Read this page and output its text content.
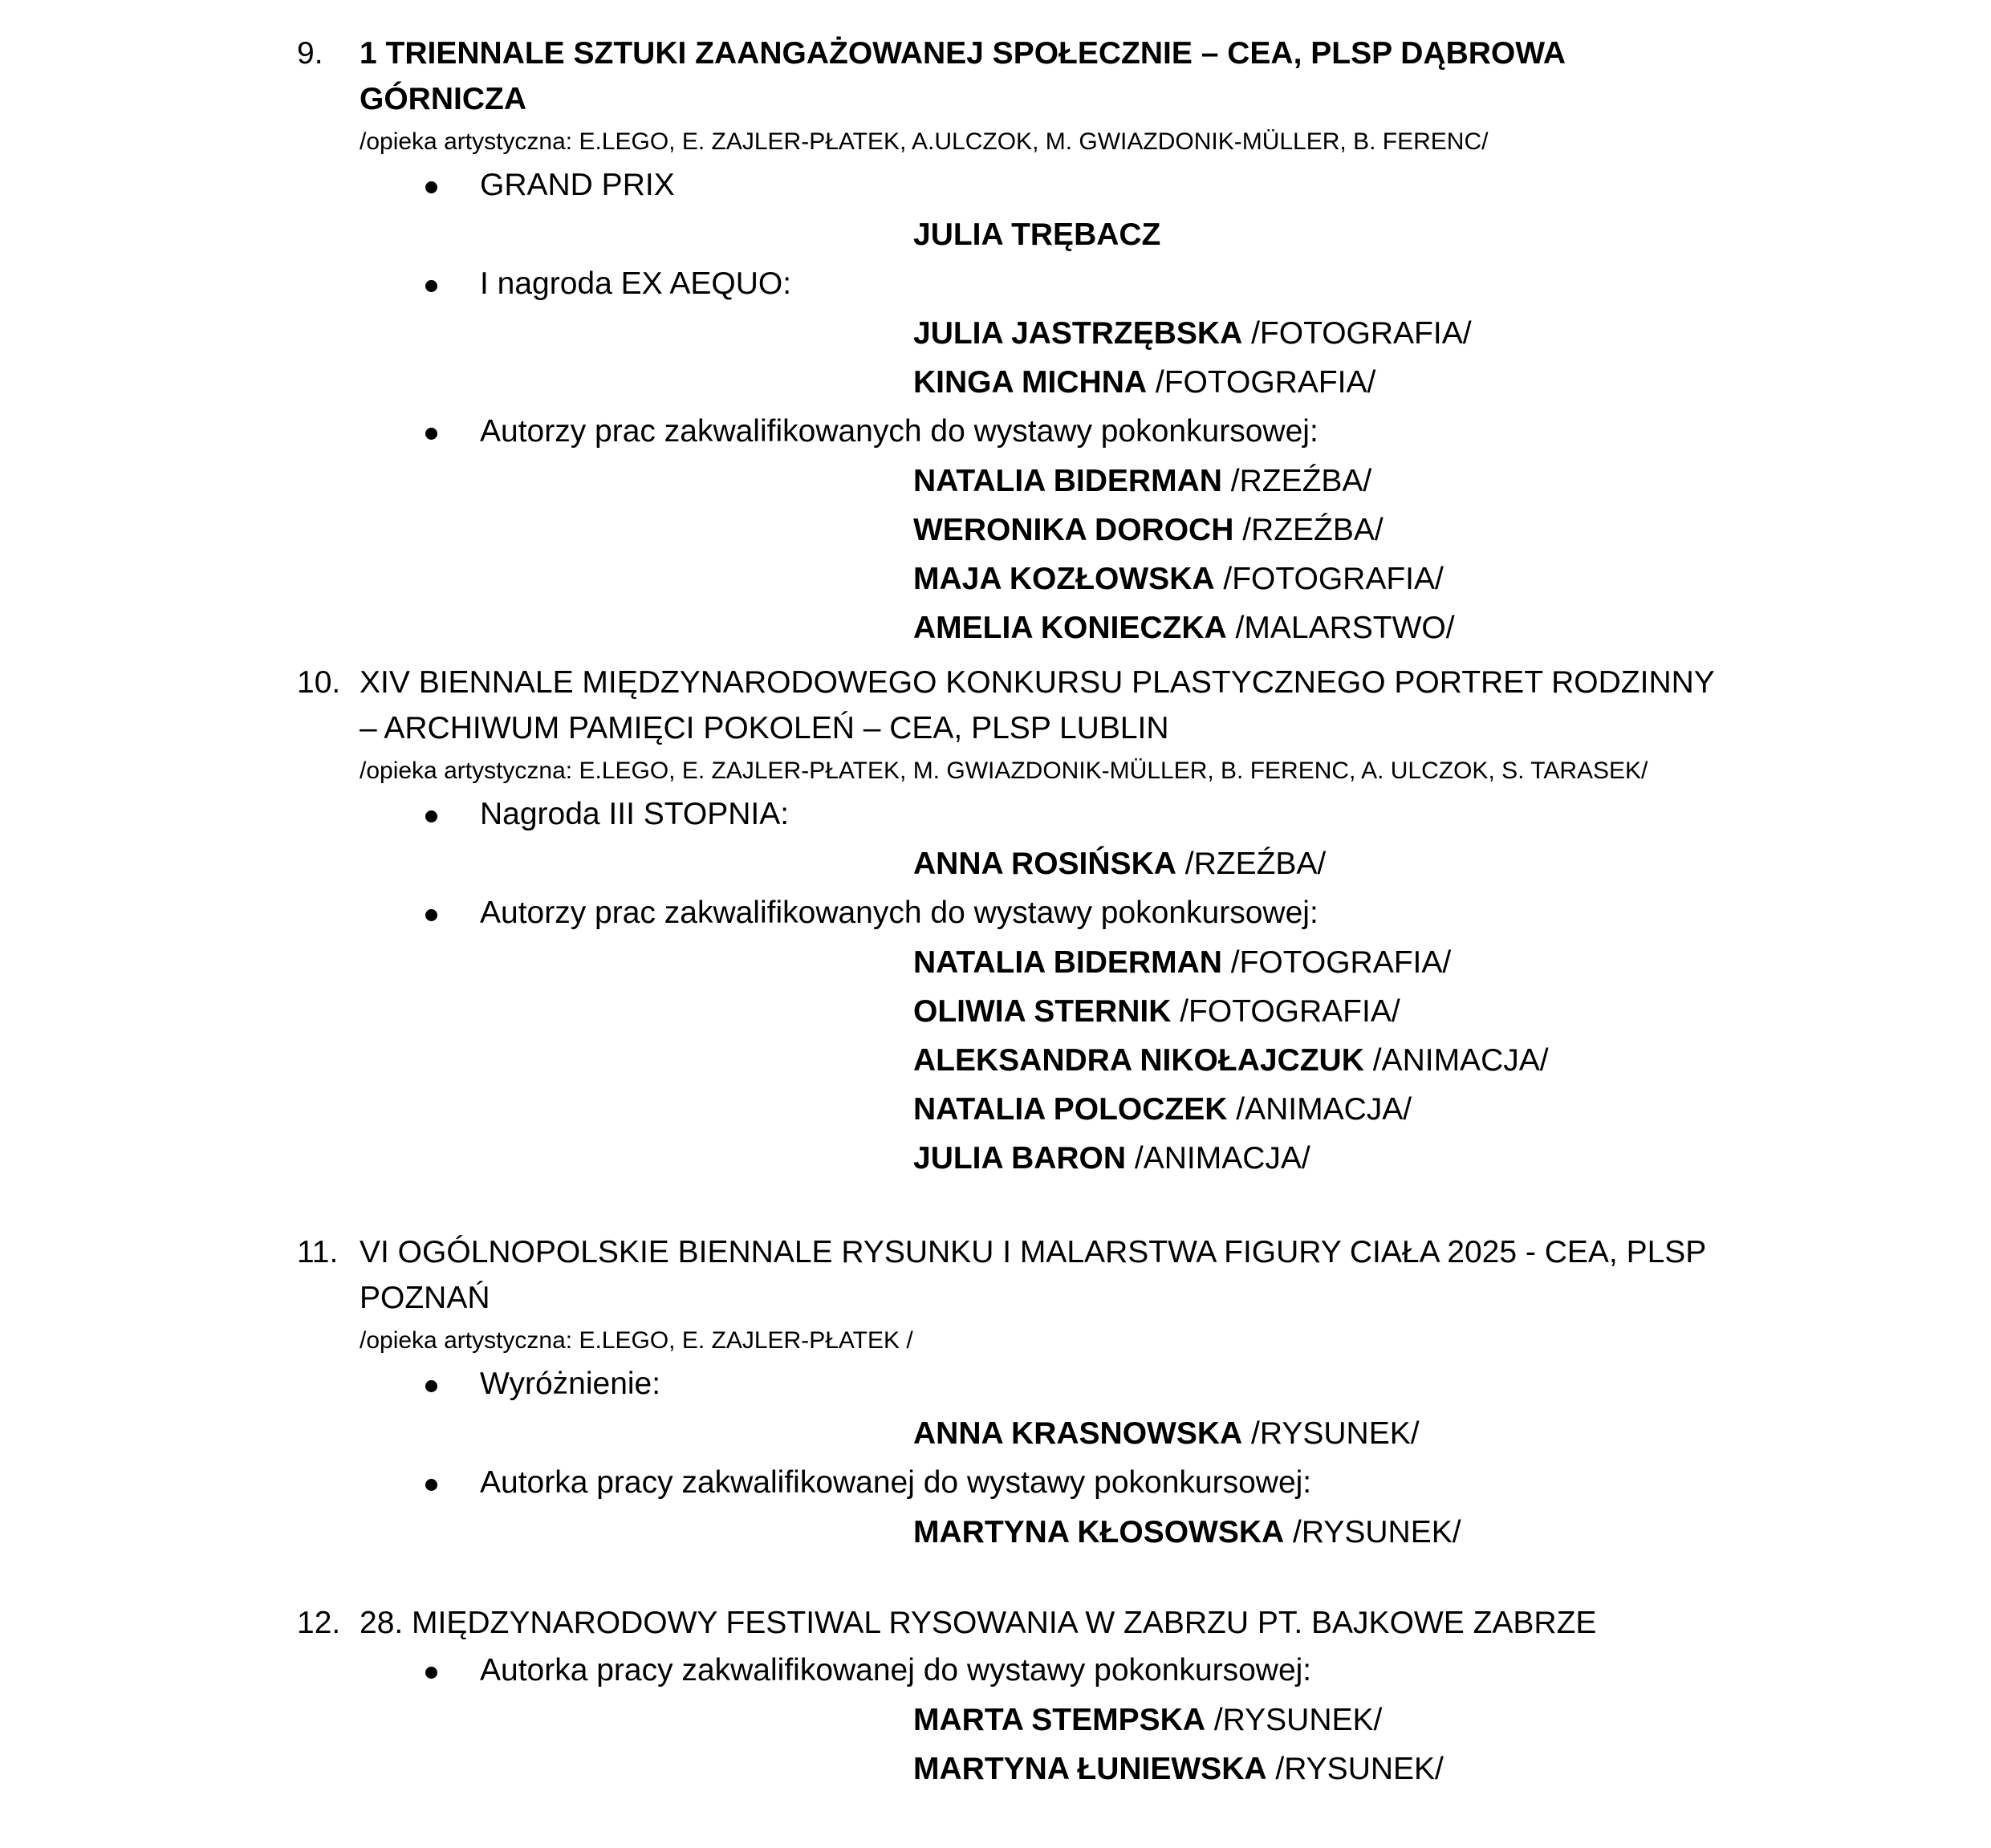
9. 1 TRIENNALE SZTUKI ZAANGAŻOWANEJ SPOŁECZNIE – CEA, PLSP DĄBROWA GÓRNICZA
/opieka artystyczna: E.LEGO, E. ZAJLER-PŁATEK, A.ULCZOK, M. GWIAZDONIK-MÜLLER, B. FERENC/
GRAND PRIX
JULIA TRĘBACZ
I nagroda EX AEQUO:
JULIA JASTRZĘBSKA /FOTOGRAFIA/
KINGA MICHNA /FOTOGRAFIA/
Autorzy prac zakwalifikowanych do wystawy pokonkursowej:
NATALIA BIDERMAN /RZEŹBA/
WERONIKA DOROCH /RZEŹBA/
MAJA KOZŁOWSKA /FOTOGRAFIA/
AMELIA KONIECZKA /MALARSTWO/
10. XIV BIENNALE MIĘDZYNARODOWEGO KONKURSU PLASTYCZNEGO PORTRET RODZINNY – ARCHIWUM PAMIĘCI POKOLEŃ – CEA, PLSP LUBLIN
/opieka artystyczna: E.LEGO, E. ZAJLER-PŁATEK, M. GWIAZDONIK-MÜLLER, B. FERENC, A. ULCZOK, S. TARASEK/
Nagroda III STOPNIA:
ANNA ROSIŃSKA /RZEŹBA/
Autorzy prac zakwalifikowanych do wystawy pokonkursowej:
NATALIA BIDERMAN /FOTOGRAFIA/
OLIWIA STERNIK /FOTOGRAFIA/
ALEKSANDRA NIKOŁAJCZUK /ANIMACJA/
NATALIA POLOCZEK /ANIMACJA/
JULIA BARON /ANIMACJA/
11. VI OGÓLNOPOLSKIE BIENNALE RYSUNKU I MALARSTWA FIGURY CIAŁA 2025 - CEA, PLSP POZNAŃ
/opieka artystyczna: E.LEGO, E. ZAJLER-PŁATEK /
Wyróżnienie:
ANNA KRASNOWSKA /RYSUNEK/
Autorka pracy zakwalifikowanej do wystawy pokonkursowej:
MARTYNA KŁOSOWSKA /RYSUNEK/
12. 28. MIĘDZYNARODOWY FESTIWAL RYSOWANIA W ZABRZU PT. BAJKOWE ZABRZE
Autorka pracy zakwalifikowanej do wystawy pokonkursowej:
MARTA STEMPSKA /RYSUNEK/
MARTYNA ŁUNIEWSKA /RYSUNEK/
